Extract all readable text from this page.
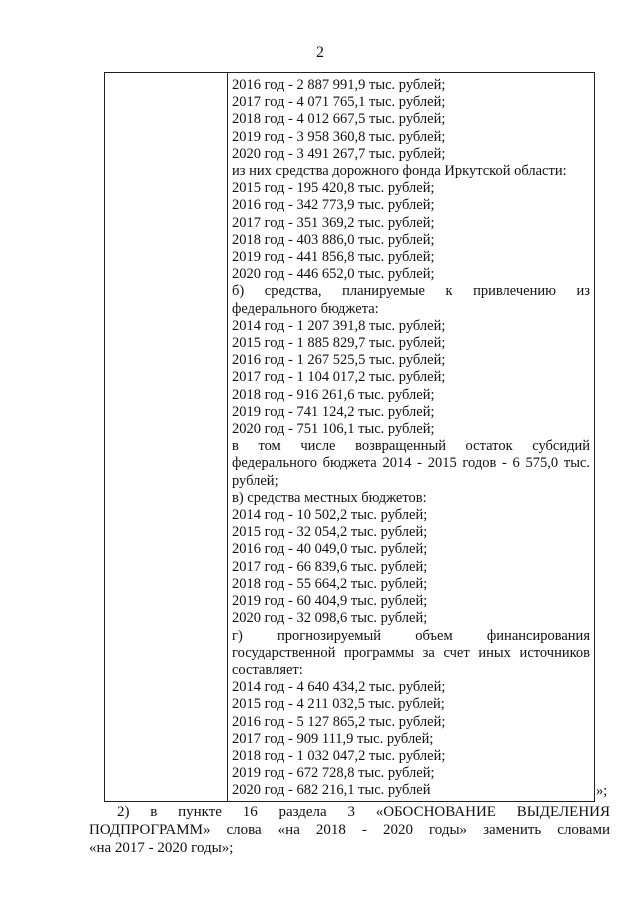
2
2016 год - 2 887 991,9 тыс. рублей;
2017 год - 4 071 765,1 тыс. рублей;
2018 год - 4 012 667,5 тыс. рублей;
2019 год - 3 958 360,8 тыс. рублей;
2020 год - 3 491 267,7 тыс. рублей;
из них средства дорожного фонда Иркутской области:
2015 год - 195 420,8 тыс. рублей;
2016 год - 342 773,9 тыс. рублей;
2017 год - 351 369,2 тыс. рублей;
2018 год - 403 886,0 тыс. рублей;
2019 год - 441 856,8 тыс. рублей;
2020 год - 446 652,0 тыс. рублей;
б) средства, планируемые к привлечению из
федерального бюджета:
2014 год - 1 207 391,8 тыс. рублей;
2015 год - 1 885 829,7 тыс. рублей;
2016 год - 1 267 525,5 тыс. рублей;
2017 год - 1 104 017,2 тыс. рублей;
2018 год - 916 261,6 тыс. рублей;
2019 год - 741 124,2 тыс. рублей;
2020 год - 751 106,1 тыс. рублей;
в том числе возвращенный остаток субсидий
федерального бюджета 2014 - 2015 годов - 6 575,0 тыс.
рублей;
в) средства местных бюджетов:
2014 год - 10 502,2 тыс. рублей;
2015 год - 32 054,2 тыс. рублей;
2016 год - 40 049,0 тыс. рублей;
2017 год - 66 839,6 тыс. рублей;
2018 год - 55 664,2 тыс. рублей;
2019 год - 60 404,9 тыс. рублей;
2020 год - 32 098,6 тыс. рублей;
г) прогнозируемый объем финансирования
государственной программы за счет иных источников
составляет:
2014 год - 4 640 434,2 тыс. рублей;
2015 год - 4 211 032,5 тыс. рублей;
2016 год - 5 127 865,2 тыс. рублей;
2017 год - 909 111,9 тыс. рублей;
2018 год - 1 032 047,2 тыс. рублей;
2019 год - 672 728,8 тыс. рублей;
2020 год - 682 216,1 тыс. рублей	»;
2) в пункте 16 раздела 3 «ОБОСНОВАНИЕ ВЫДЕЛЕНИЯ
ПОДПРОГРАММ» слова «на 2018 - 2020 годы» заменить словами
«на 2017 - 2020 годы»;
